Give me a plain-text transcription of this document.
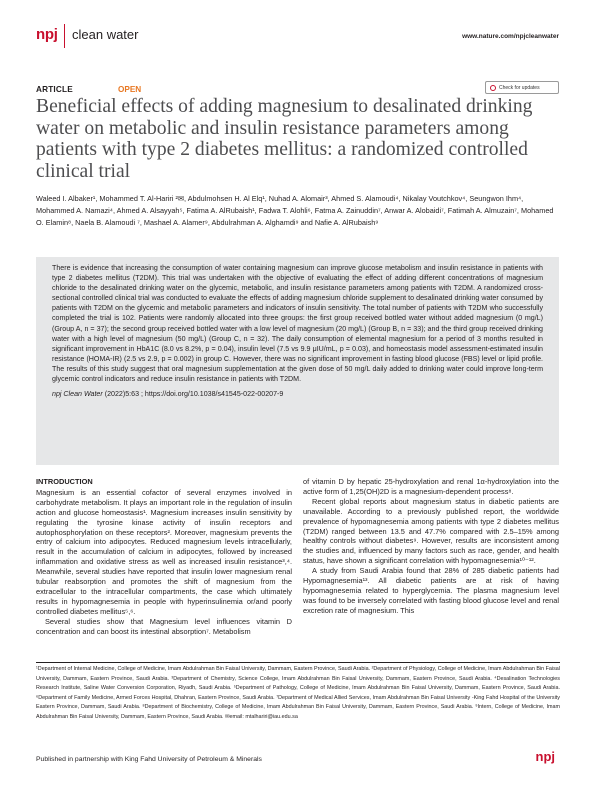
npj clean water	www.nature.com/npjcleanwater
ARTICLE	OPEN	Check for updates
Beneficial effects of adding magnesium to desalinated drinking water on metabolic and insulin resistance parameters among patients with type 2 diabetes mellitus: a randomized controlled clinical trial
Waleed I. Albaker¹, Mohammed T. Al-Hariri ²✉, Abdulmohsen H. Al Elq¹, Nuhad A. Alomair³, Ahmed S. Alamoudi⁴, Nikalay Voutchkov⁴, Seungwon Ihm⁴, Mohammed A. Namazi⁴, Ahmed A. Alsayyah⁵, Fatima A. AlRubaish¹, Fadwa T. Alohli⁶, Fatma A. Zainuddin⁷, Anwar A. Alobaidi⁷, Fatimah A. Almuzain⁷, Mohamed O. Elamin⁸, Naela B. Alamoudi ⁷, Mashael A. Alamer⁹, Abdulrahman A. Alghamdi⁹ and Nafie A. AlRubaish⁹
There is evidence that increasing the consumption of water containing magnesium can improve glucose metabolism and insulin resistance in patients with type 2 diabetes mellitus (T2DM). This trial was undertaken with the objective of evaluating the effect of adding different concentrations of magnesium chloride to the desalinated drinking water on the glycemic, metabolic, and insulin resistance parameters among patients with T2DM. A randomized cross-sectional controlled clinical trial was conducted to evaluate the effects of adding magnesium chloride supplement to desalinated drinking water consumed by patients with T2DM on the glycemic and metabolic parameters and indicators of insulin sensitivity. The total number of patients with T2DM who successfully completed the trial is 102. Patients were randomly allocated into three groups: the first group received bottled water without added magnesium (0 mg/L) (Group A, n = 37); the second group received bottled water with a low level of magnesium (20 mg/L) (Group B, n = 33); and the third group received drinking water with a high level of magnesium (50 mg/L) (Group C, n = 32). The daily consumption of elemental magnesium for a period of 3 months resulted in significant improvement in HbA1C (8.0 vs 8.2%, p = 0.04), insulin level (7.5 vs 9.9 μIU/mL, p = 0.03), and homeostasis model assessment-estimated insulin resistance (HOMA-IR) (2.5 vs 2.9, p = 0.002) in group C. However, there was no significant improvement in fasting blood glucose (FBS) level or lipid profile. The results of this study suggest that oral magnesium supplementation at the given dose of 50 mg/L daily added to drinking water could improve long-term glycemic control indicators and reduce insulin resistance in patients with T2DM.
npj Clean Water (2022)5:63 ; https://doi.org/10.1038/s41545-022-00207-9
INTRODUCTION

Magnesium is an essential cofactor of several enzymes involved in carbohydrate metabolism. It plays an important role in the regulation of insulin action and glucose homeostasis¹. Magnesium increases insulin sensitivity by regulating the tyrosine kinase activity of insulin receptors and autophosphorylation on these receptors². Moreover, magnesium prevents the entry of calcium into adipocytes. Reduced magnesium levels intracellularly, result in the accumulation of calcium in adipocytes, followed by increased inflammation and oxidative stress as well as increased insulin resistance³,⁴. Meanwhile, several studies have reported that insulin lower magnesium renal tubular reabsorption and promotes the shift of magnesium from the extracellular to the intracellular compartments, the case which ultimately results in hypomagnesemia in people with hyperinsulinemia or/and poorly controlled diabetes mellitus⁵,⁶.

Several studies show that Magnesium level influences vitamin D concentration and can boost its intestinal absorption⁷. Metabolism

of vitamin D by hepatic 25-hydroxylation and renal 1α-hydroxylation into the active form of 1,25(OH)2D is a magnesium-dependent process⁸.

Recent global reports about magnesium status in diabetic patients are unavailable. According to a previously published report, the worldwide prevalence of hypomagnesemia among patients with type 2 diabetes mellitus (T2DM) ranged between 13.5 and 47.7% compared with 2.5–15% among healthy controls without diabetes⁹. However, results are inconsistent among the studies and, influenced by many factors such as race, gender, and health status, have shown a significant correlation with hypomagnesemia¹⁰⁻¹².

A study from Saudi Arabia found that 28% of 285 diabetic patients had Hypomagnesemia¹³. All diabetic patients are at risk of having hypomagnesemia related to hyperglycemia. The plasma magnesium level was found to be inversely correlated with fasting blood glucose level and renal excretion rate of magnesium. This

¹Department of Internal Medicine, College of Medicine, Imam Abdulrahman Bin Faisal University, Dammam, Eastern Province, Saudi Arabia. ²Department of Physiology, College of Medicine, Imam Abdulrahman Bin Faisal University, Dammam, Eastern Province, Saudi Arabia. ³Department of Chemistry, Science College, Imam Abdulrahman Bin Faisal University, Dammam, Eastern Province, Saudi Arabia. ⁴Desalination Technologies Research Institute, Saline Water Conversion Corporation, Riyadh, Saudi Arabia. ⁵Department of Pathology, College of Medicine, Imam Abdulrahman Bin Faisal University, Dammam, Eastern Province, Saudi Arabia. ⁶Department of Family Medicine, Armed Forces Hospital, Dhahran, Eastern Province, Saudi Arabia. ⁷Department of Medical Allied Services, Imam Abdulrahman Bin Faisal University -King Fahd Hospital of the University Eastern Province, Dammam, Saudi Arabia. ⁸Department of Biochemistry, College of Medicine, Imam Abdulrahman Bin Faisal University, Dammam, Eastern Province, Saudi Arabia. ⁹Intern, College of Medicine, Imam Abdulrahman Bin Faisal University, Dammam, Eastern Province, Saudi Arabia. ✉email: mtalhariri@iau.edu.sa
Published in partnership with King Fahd University of Petroleum & Minerals	npj
